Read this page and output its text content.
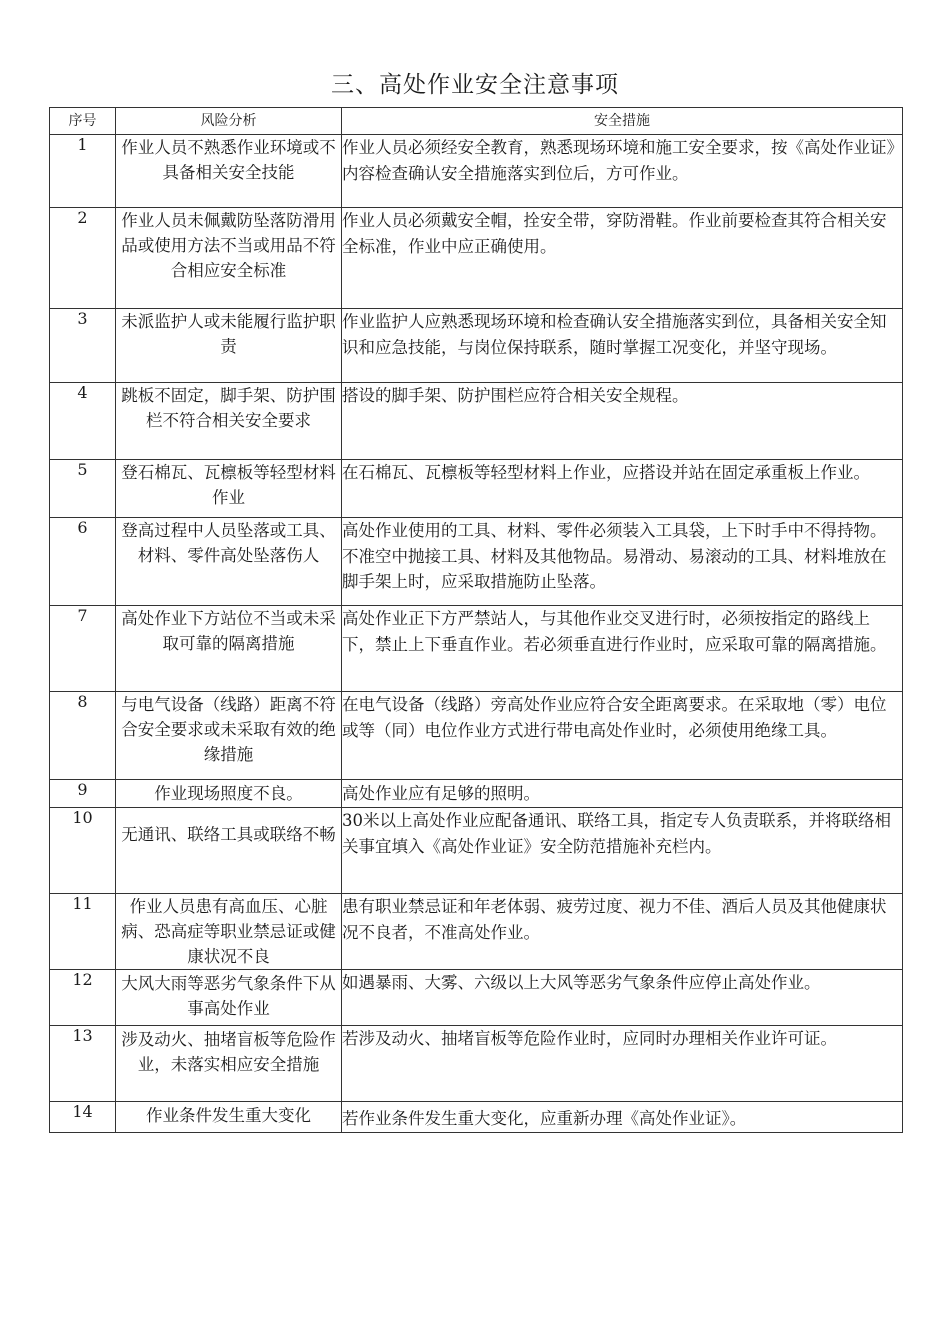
三、高处作业安全注意事项
序号	风险分析	安全措施
1	作业人员不熟悉作业环境或不具备相关安全技能	作业人员必须经安全教育，熟悉现场环境和施工安全要求，按《高处作业证》内容检查确认安全措施落实到位后，方可作业。
2	作业人员未佩戴防坠落防滑用品或使用方法不当或用品不符合相应安全标准	作业人员必须戴安全帽，拴安全带，穿防滑鞋。作业前要检查其符合相关安全标准，作业中应正确使用。
3	未派监护人或未能履行监护职责	作业监护人应熟悉现场环境和检查确认安全措施落实到位，具备相关安全知识和应急技能，与岗位保持联系，随时掌握工况变化，并坚守现场。
4	跳板不固定，脚手架、防护围栏不符合相关安全要求	搭设的脚手架、防护围栏应符合相关安全规程。
5	登石棉瓦、瓦檩板等轻型材料作业	在石棉瓦、瓦檩板等轻型材料上作业，应搭设并站在固定承重板上作业。
6	登高过程中人员坠落或工具、材料、零件高处坠落伤人	高处作业使用的工具、材料、零件必须装入工具袋，上下时手中不得持物。不准空中抛接工具、材料及其他物品。易滑动、易滚动的工具、材料堆放在脚手架上时，应采取措施防止坠落。
7	高处作业下方站位不当或未采取可靠的隔离措施	高处作业正下方严禁站人，与其他作业交叉进行时，必须按指定的路线上下，禁止上下垂直作业。若必须垂直进行作业时，应采取可靠的隔离措施。
8	与电气设备（线路）距离不符合安全要求或未采取有效的绝缘措施	在电气设备（线路）旁高处作业应符合安全距离要求。在采取地（零）电位或等（同）电位作业方式进行带电高处作业时，必须使用绝缘工具。
9	作业现场照度不良。	高处作业应有足够的照明。
10	无通讯、联络工具或联络不畅	30米以上高处作业应配备通讯、联络工具，指定专人负责联系，并将联络相关事宜填入《高处作业证》安全防范措施补充栏内。
11	作业人员患有高血压、心脏病、恐高症等职业禁忌证或健康状况不良	患有职业禁忌证和年老体弱、疲劳过度、视力不佳、酒后人员及其他健康状况不良者，不准高处作业。
12	大风大雨等恶劣气象条件下从事高处作业	如遇暴雨、大雾、六级以上大风等恶劣气象条件应停止高处作业。
13	涉及动火、抽堵盲板等危险作业，未落实相应安全措施	若涉及动火、抽堵盲板等危险作业时，应同时办理相关作业许可证。
14	作业条件发生重大变化	若作业条件发生重大变化，应重新办理《高处作业证》。
